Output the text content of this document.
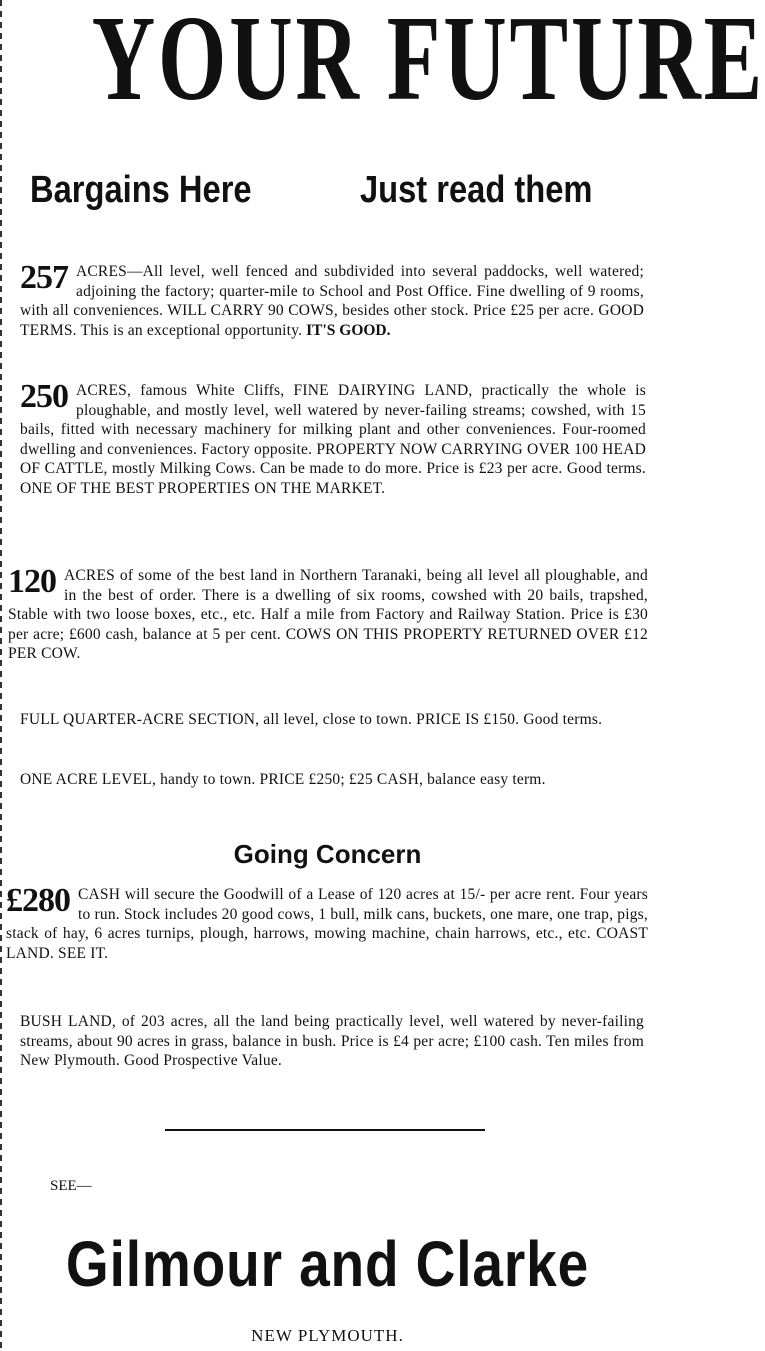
YOUR FUTURE
Bargains Here	Just read them

257 ACRES—All level, well fenced and subdivided into several paddocks, well watered; adjoining the factory; quarter-mile to School and Post Office. Fine dwelling of 9 rooms, with all conveniences. WILL CARRY 90 COWS, besides other stock. Price £25 per acre. GOOD TERMS. This is an exceptional opportunity. IT'S GOOD.

250 ACRES, famous White Cliffs, FINE DAIRYING LAND, practically the whole is ploughable, and mostly level, well watered by never-failing streams; cowshed, with 15 bails, fitted with necessary machinery for milking plant and other conveniences. Four-roomed dwelling and conveniences. Factory opposite. PROPERTY NOW CARRYING OVER 100 HEAD OF CATTLE, mostly Milking Cows. Can be made to do more. Price is £23 per acre. Good terms. ONE OF THE BEST PROPERTIES ON THE MARKET.

120 ACRES of some of the best land in Northern Taranaki, being all level all ploughable, and in the best of order. There is a dwelling of six rooms, cowshed with 20 bails, trapshed, Stable with two loose boxes, etc., etc. Half a mile from Factory and Railway Station. Price is £30 per acre; £600 cash, balance at 5 per cent. COWS ON THIS PROPERTY RETURNED OVER £12 PER COW.

FULL QUARTER-ACRE SECTION, all level, close to town. PRICE IS £150. Good terms.

ONE ACRE LEVEL, handy to town. PRICE £250; £25 CASH, balance easy term.

Going Concern

£280 CASH will secure the Goodwill of a Lease of 120 acres at 15/- per acre rent. Four years to run. Stock includes 20 good cows, 1 bull, milk cans, buckets, one mare, one trap, pigs, stack of hay, 6 acres turnips, plough, harrows, mowing machine, chain harrows, etc., etc. COAST LAND. SEE IT.

BUSH LAND, of 203 acres, all the land being practically level, well watered by never-failing streams, about 90 acres in grass, balance in bush. Price is £4 per acre; £100 cash. Ten miles from New Plymouth. Good Prospective Value.

SEE—
Gilmour and Clarke
NEW PLYMOUTH.
